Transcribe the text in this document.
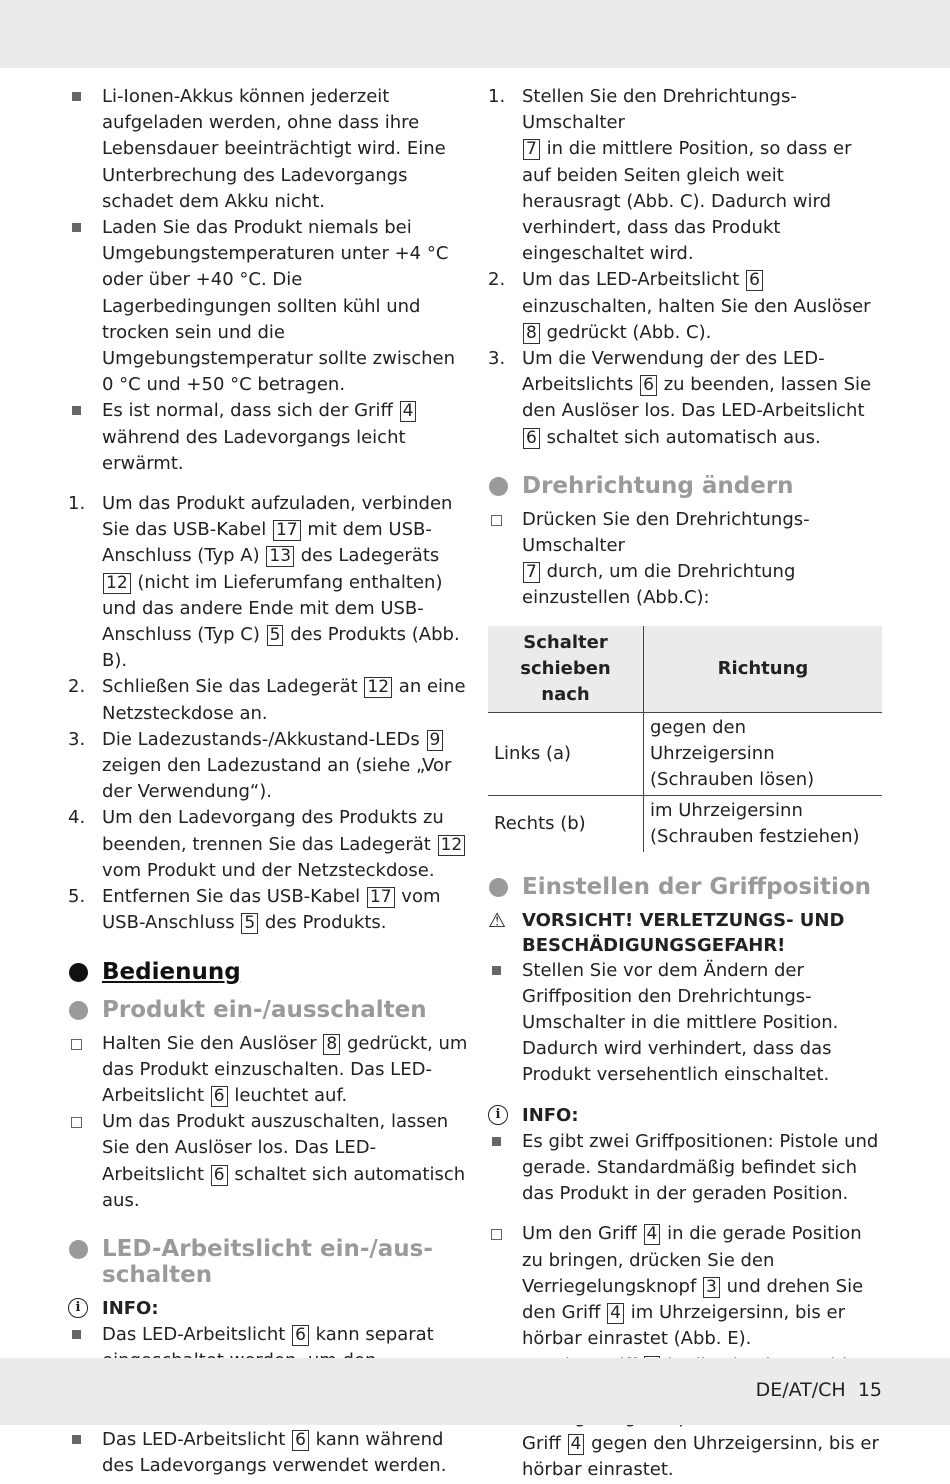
Li-Ionen-Akkus können jederzeit aufgeladen werden, ohne dass ihre Lebensdauer beeinträchtigt wird. Eine Unterbrechung des Ladevorgangs schadet dem Akku nicht.
Laden Sie das Produkt niemals bei Umgebungstemperaturen unter +4 °C oder über +40 °C. Die Lagerbedingungen sollten kühl und trocken sein und die Umgebungstemperatur sollte zwischen 0 °C und +50 °C betragen.
Es ist normal, dass sich der Griff 4
während des Ladevorgangs leicht erwärmt.
1. Um das Produkt aufzuladen, verbinden Sie das USB-Kabel 17 mit dem USB-Anschluss (Typ A) 13 des Ladegeräts 12 (nicht im Lieferumfang enthalten) und das andere Ende mit dem USB-Anschluss (Typ C) 5 des Produkts (Abb. B).
2. Schließen Sie das Ladegerät 12 an eine Netzsteckdose an.
3. Die Ladezustands-/Akkustand-LEDs 9 zeigen den Ladezustand an (siehe „Vor der Verwendung“).
4. Um den Ladevorgang des Produkts zu beenden, trennen Sie das Ladegerät 12 vom Produkt und der Netzsteckdose.
5. Entfernen Sie das USB-Kabel 17 vom USB-Anschluss 5 des Produkts.
Bedienung
Produkt ein-/ausschalten
Halten Sie den Auslöser 8 gedrückt, um das Produkt einzuschalten. Das LED-Arbeitslicht 6 leuchtet auf.
Um das Produkt auszuschalten, lassen Sie den Auslöser los. Das LED-Arbeitslicht 6 schaltet sich automatisch aus.
LED-Arbeitslicht ein-/aus-schalten
i	INFO:
Das LED-Arbeitslicht 6 kann separat
Das LED-Arbeitslicht 6 kann während des Ladevorgangs verwendet werden.
1. Stellen Sie den Drehrichtungs-Umschalter
7 in die mittlere Position, so dass er auf beiden Seiten gleich weit herausragt (Abb. C). Dadurch wird verhindert, dass das Produkt eingeschaltet wird.
2. Um das LED-Arbeitslicht 6 einzuschalten, halten Sie den Auslöser 8 gedrückt (Abb. C).
3. Um die Verwendung der des LED-Arbeitslichts 6 zu beenden, lassen Sie den Auslöser los. Das LED-Arbeitslicht 6 schaltet sich automatisch aus.
Drehrichtung ändern
Drücken Sie den Drehrichtungs-Umschalter
7 durch, um die Drehrichtung einzustellen (Abb.C):
Schalter schieben nach	Richtung
Links (a)	gegen den Uhrzeigersinn (Schrauben lösen)
Rechts (b)	im Uhrzeigersinn (Schrauben festziehen)
Einstellen der Griffposition
⚠ VORSICHT! VERLETZUNGS- UND BESCHÄDIGUNGSGEFAHR!
Stellen Sie vor dem Ändern der Griffposition den Drehrichtungs-Umschalter in die mittlere Position. Dadurch wird verhindert, dass das Produkt versehentlich einschaltet.
i	INFO:
Es gibt zwei Griffpositionen: Pistole und gerade. Standardmäßig befindet sich das Produkt in der geraden Position.
Um den Griff 4 in die gerade Position zu bringen, drücken Sie den Verriegelungsknopf 3 und drehen Sie den Griff 4 im Uhrzeigersinn, bis er hörbar einrastet (Abb. E).
Griff 4 gegen den Uhrzeigersinn, bis er hörbar einrastet.
DE/AT/CH 15
